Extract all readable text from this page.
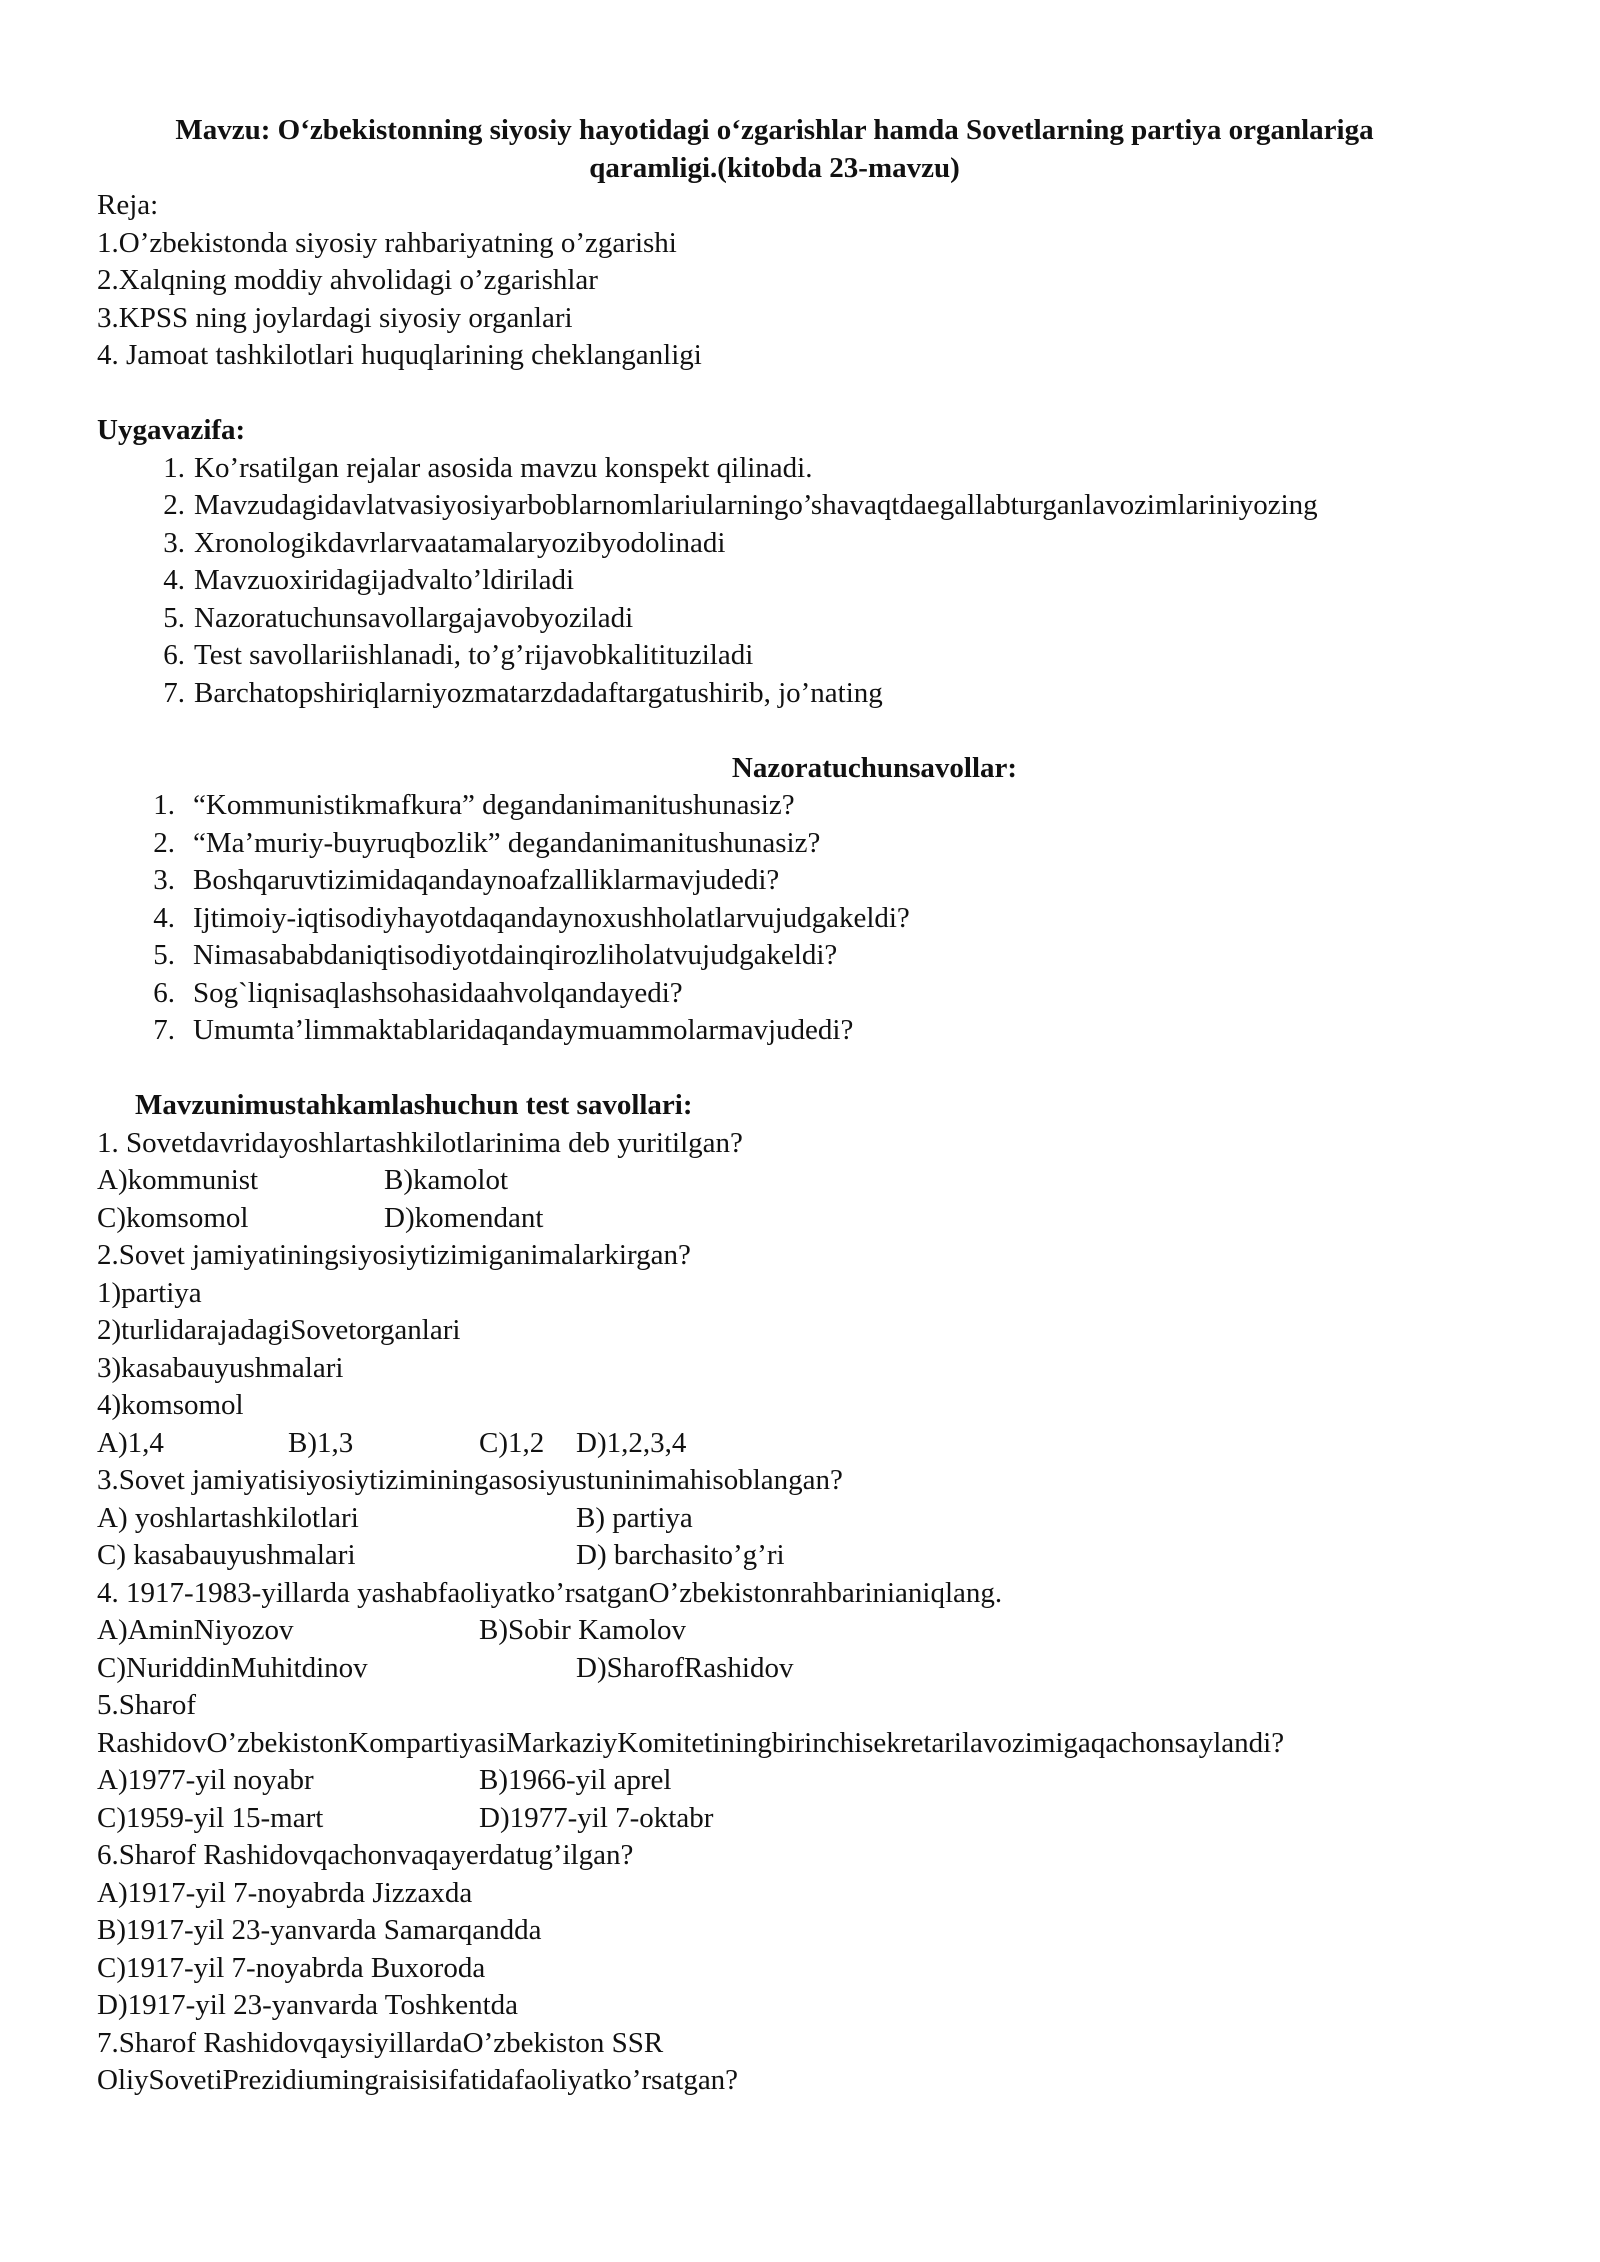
Mavzu: O‘zbekistonning siyosiy hayotidagi o‘zgarishlar hamda Sovetlarning partiya organlariga
qaramligi.(kitobda 23-mavzu)
Reja:
1.O’zbekistonda siyosiy rahbariyatning o’zgarishi
2.Xalqning moddiy ahvolidagi o’zgarishlar
3.KPSS ning joylardagi siyosiy organlari
4. Jamoat tashkilotlari huquqlarining cheklanganligi
Uygavazifa:
1. Ko’rsatilgan rejalar asosida mavzu konspekt qilinadi.
2. Mavzudagidavlatvasiyosiyarboblarnomlariularningo’shavaqtdaegallabturganlavozimlariniyozing
3. Xronologikdavrlarvaatamalaryozibyodolinadi
4. Mavzuoxiridagijadvalto’ldiriladi
5. Nazoratuchunsavollargajavobyoziladi
6. Test savollariishlanadi, to’g’rijavobkalitituziladi
7. Barchatopshiriqlarniyozmatarzdadaftargatushirib, jo’nating
Nazoratuchunsavollar:
1. “Kommunistikmafkura” degandanimanitushunasiz?
2. “Ma’muriy-buyruqbozlik” degandanimanitushunasiz?
3. Boshqaruvtizimidaqandaynoafzalliklarmavjudedi?
4. Ijtimoiy-iqtisodiyhayotdaqandaynoxushholatlarvujudgakeldi?
5. Nimasababdaniqtisodiyotdainqirozliholatvujudgakeldi?
6. Sog`liqnisaqlashsohasidaahvolqandayedi?
7. Umumta’limmaktablaridaqandaymuammolarmavjudedi?
Mavzunimustahkamlashuchun test savollari:
1. Sovetdavridayoshlartashkilotlarinima deb yuritilgan?
A)kommunist	B)kamolot
C)komsomol	D)komendant
2.Sovet jamiyatiningsiyosiytizimiganimalarkirgan?
1)partiya
2)turlidarajadagiSovetorganlari
3)kasabauyushmalari
4)komsomol
A)1,4	B)1,3	C)1,2 D)1,2,3,4
3.Sovet jamiyatisiyosiytiziminingasosiyustuninimahisoblangan?
A) yoshlartashkilotlari	B) partiya
C) kasabauyushmalari	D) barchasito’g’ri
4. 1917-1983-yillarda yashabfaoliyatko’rsatganO’zbekistonrahbarinianiqlang.
A)AminNiyozov	B)Sobir Kamolov
C)NuriddinMuhitdinov	D)SharofRashidov
5.Sharof
RashidovO’zbekistonKompartiyasiMarkaziyKomitetiningbirinchisekretarilavozimigaqachonsaylandi?
A)1977-yil noyabr	B)1966-yil aprel
C)1959-yil 15-mart	D)1977-yil 7-oktabr
6.Sharof Rashidovqachonvaqayerdatug’ilgan?
A)1917-yil 7-noyabrda Jizzaxda
B)1917-yil 23-yanvarda Samarqandda
C)1917-yil 7-noyabrda Buxoroda
D)1917-yil 23-yanvarda Toshkentda
7.Sharof RashidovqaysiyillardaO’zbekiston SSR
OliySovetiPrezidiumingraisisifatidafaoliyatko’rsatgan?
